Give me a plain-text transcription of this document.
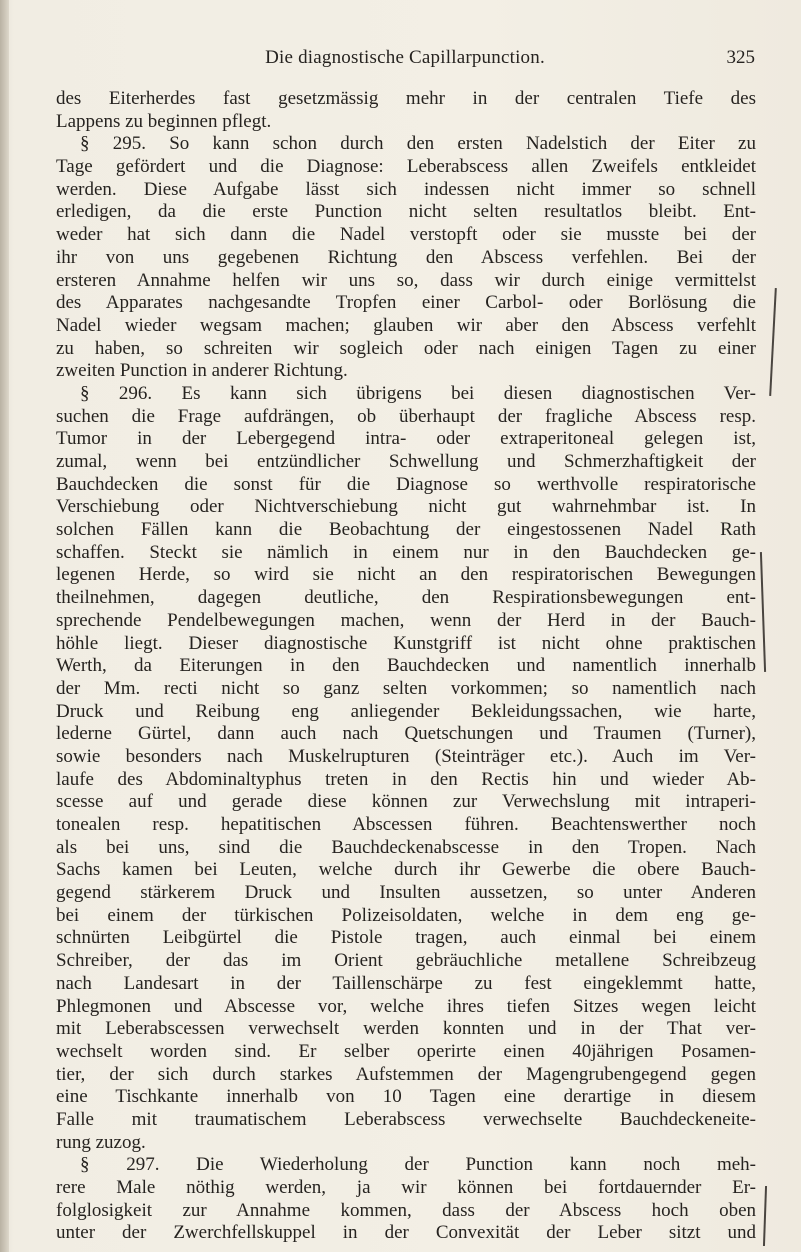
Die diagnostische Capillarpunction.	325
des Eiterherdes fast gesetzmässig mehr in der centralen Tiefe des
Lappens zu beginnen pflegt.
§ 295. So kann schon durch den ersten Nadelstich der Eiter zu
Tage gefördert und die Diagnose: Leberabscess allen Zweifels entkleidet
werden. Diese Aufgabe lässt sich indessen nicht immer so schnell
erledigen, da die erste Punction nicht selten resultatlos bleibt. Ent-
weder hat sich dann die Nadel verstopft oder sie musste bei der
ihr von uns gegebenen Richtung den Abscess verfehlen. Bei der
ersteren Annahme helfen wir uns so, dass wir durch einige vermittelst
des Apparates nachgesandte Tropfen einer Carbol- oder Borlösung die
Nadel wieder wegsam machen; glauben wir aber den Abscess verfehlt
zu haben, so schreiten wir sogleich oder nach einigen Tagen zu einer
zweiten Punction in anderer Richtung.
§ 296. Es kann sich übrigens bei diesen diagnostischen Ver-
suchen die Frage aufdrängen, ob überhaupt der fragliche Abscess resp.
Tumor in der Lebergegend intra- oder extraperitoneal gelegen ist,
zumal, wenn bei entzündlicher Schwellung und Schmerzhaftigkeit der
Bauchdecken die sonst für die Diagnose so werthvolle respiratorische
Verschiebung oder Nichtverschiebung nicht gut wahrnehmbar ist. In
solchen Fällen kann die Beobachtung der eingestossenen Nadel Rath
schaffen. Steckt sie nämlich in einem nur in den Bauchdecken ge-
legenen Herde, so wird sie nicht an den respiratorischen Bewegungen
theilnehmen, dagegen deutliche, den Respirationsbewegungen ent-
sprechende Pendelbewegungen machen, wenn der Herd in der Bauch-
höhle liegt. Dieser diagnostische Kunstgriff ist nicht ohne praktischen
Werth, da Eiterungen in den Bauchdecken und namentlich innerhalb
der Mm. recti nicht so ganz selten vorkommen; so namentlich nach
Druck und Reibung eng anliegender Bekleidungssachen, wie harte,
lederne Gürtel, dann auch nach Quetschungen und Traumen (Turner),
sowie besonders nach Muskelrupturen (Steinträger etc.). Auch im Ver-
laufe des Abdominaltyphus treten in den Rectis hin und wieder Ab-
scesse auf und gerade diese können zur Verwechslung mit intraperi-
tonealen resp. hepatitischen Abscessen führen. Beachtenswerther noch
als bei uns, sind die Bauchdeckenabscesse in den Tropen. Nach
Sachs kamen bei Leuten, welche durch ihr Gewerbe die obere Bauch-
gegend stärkerem Druck und Insulten aussetzen, so unter Anderen
bei einem der türkischen Polizeisoldaten, welche in dem eng ge-
schnürten Leibgürtel die Pistole tragen, auch einmal bei einem
Schreiber, der das im Orient gebräuchliche metallene Schreibzeug
nach Landesart in der Taillenschärpe zu fest eingeklemmt hatte,
Phlegmonen und Abscesse vor, welche ihres tiefen Sitzes wegen leicht
mit Leberabscessen verwechselt werden konnten und in der That ver-
wechselt worden sind. Er selber operirte einen 40jährigen Posamen-
tier, der sich durch starkes Aufstemmen der Magengrubengegend gegen
eine Tischkante innerhalb von 10 Tagen eine derartige in diesem
Falle mit traumatischem Leberabscess verwechselte Bauchdeckeneite-
rung zuzog.
§ 297. Die Wiederholung der Punction kann noch meh-
rere Male nöthig werden, ja wir können bei fortdauernder Er-
folglosigkeit zur Annahme kommen, dass der Abscess hoch oben
unter der Zwerchfellskuppel in der Convexität der Leber sitzt und
